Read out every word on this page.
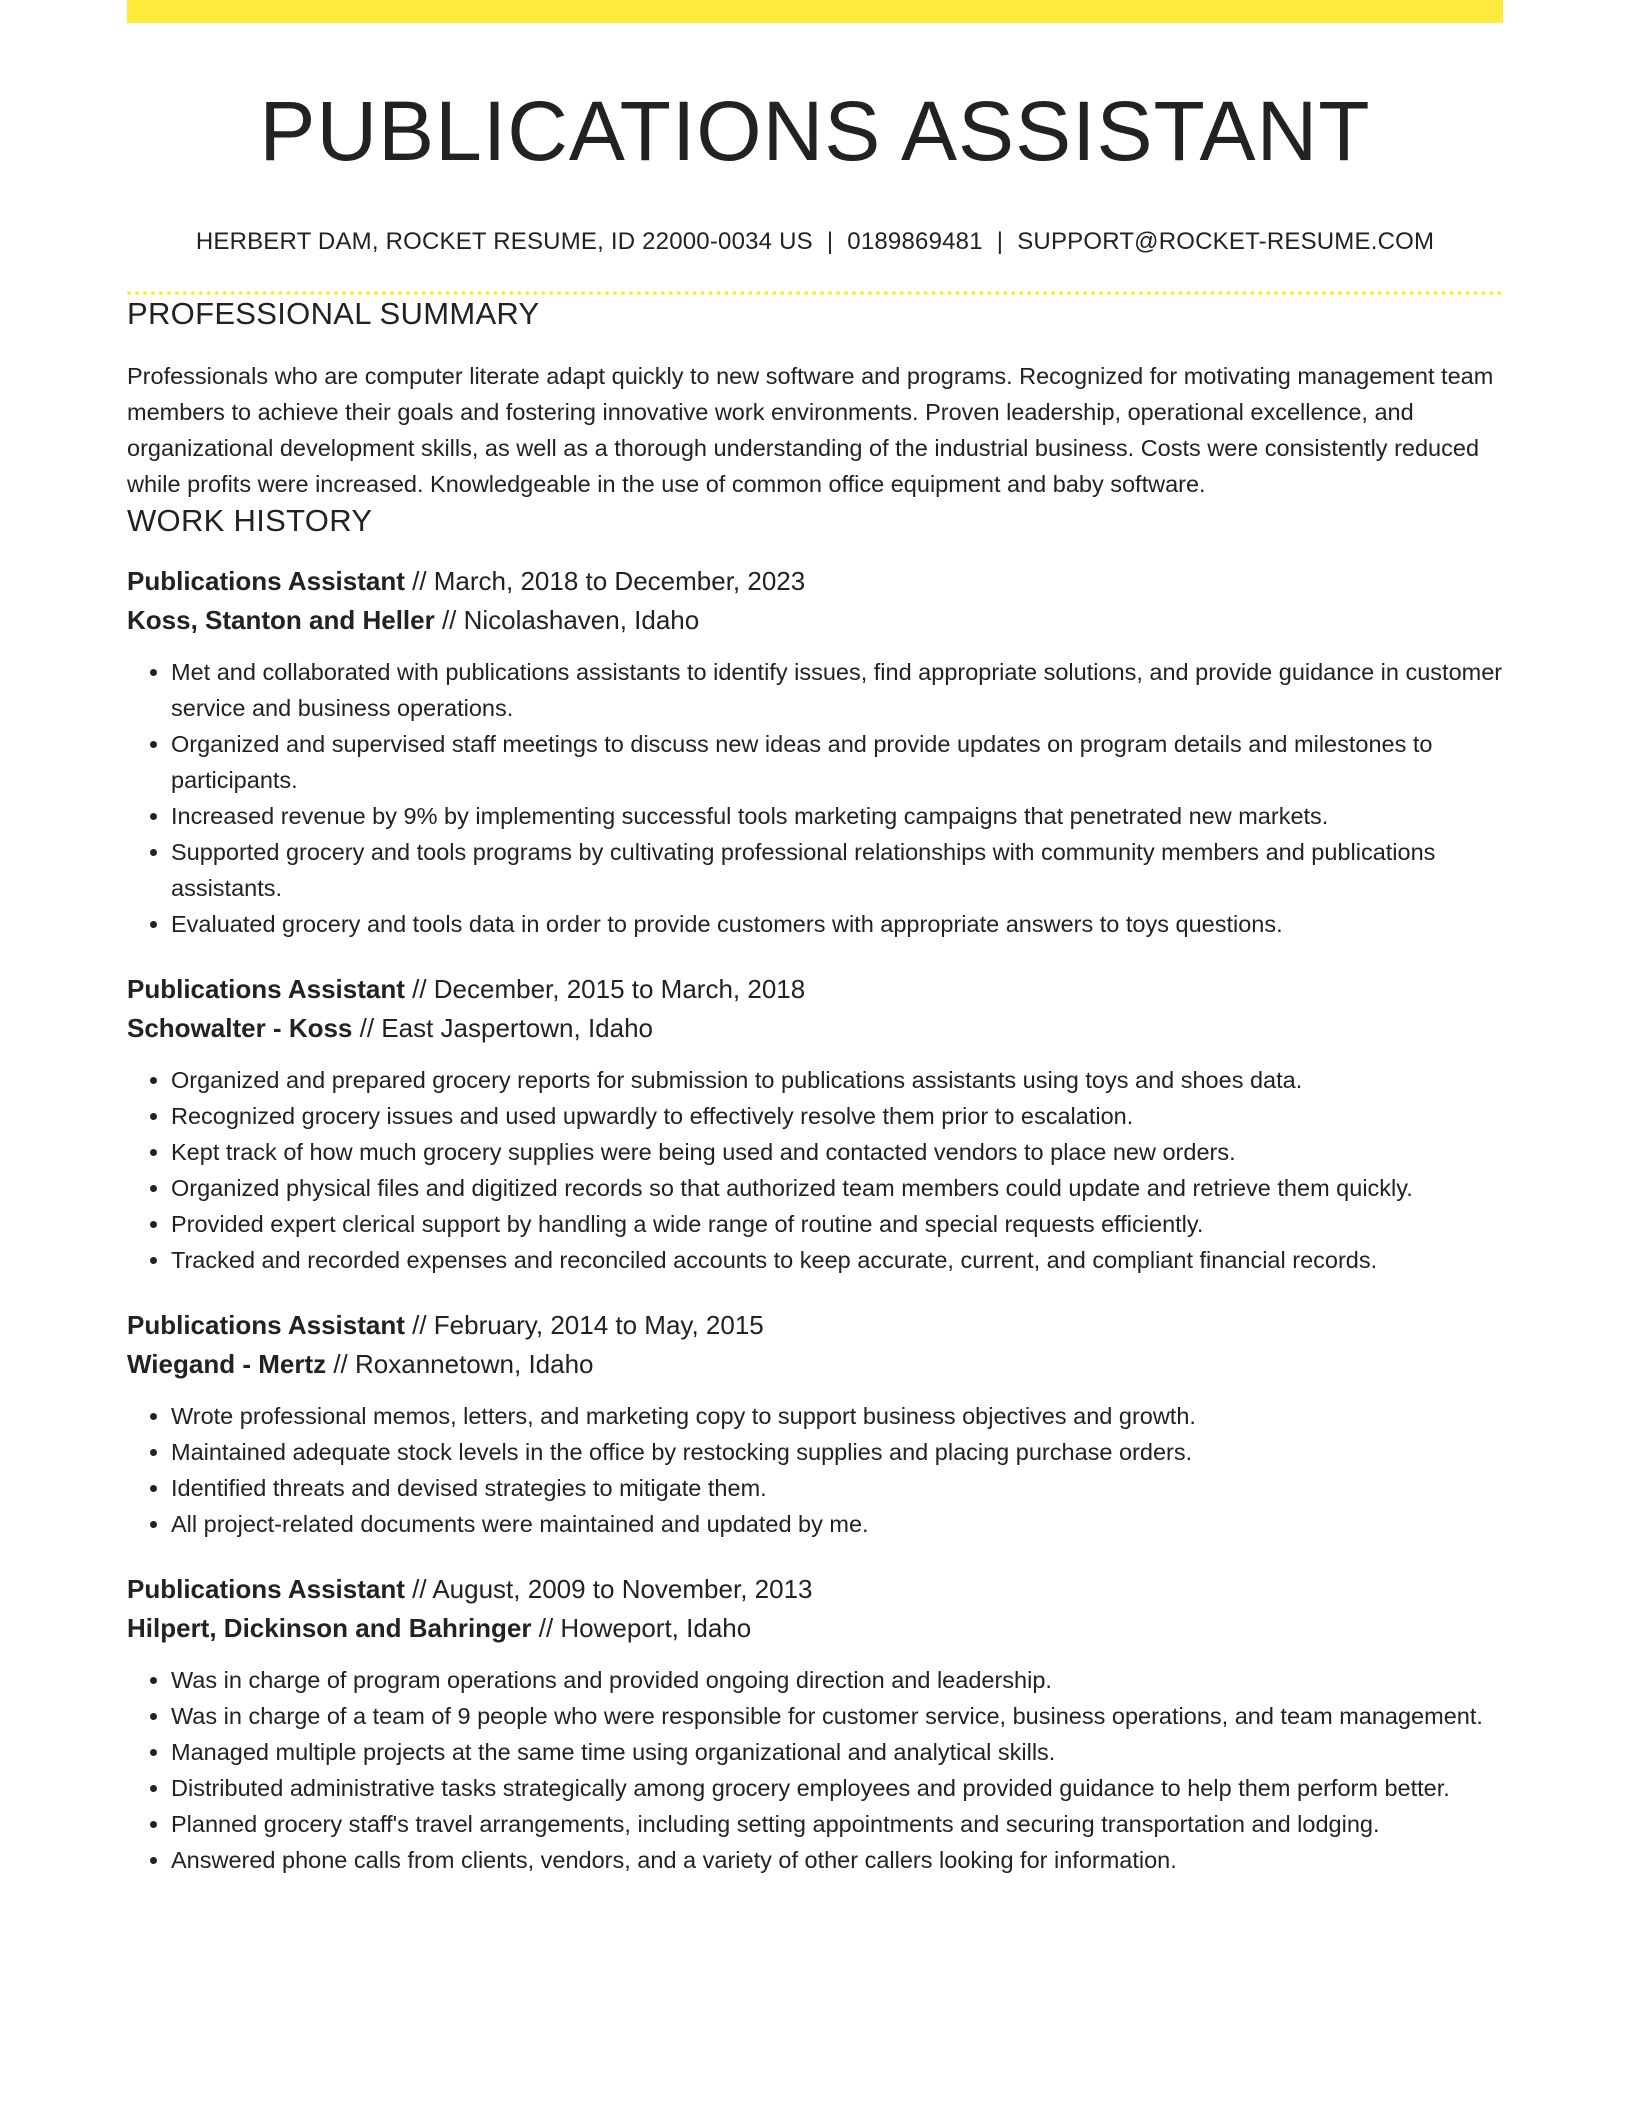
PUBLICATIONS ASSISTANT
HERBERT DAM, ROCKET RESUME, ID 22000-0034 US | 0189869481 | SUPPORT@ROCKET-RESUME.COM
PROFESSIONAL SUMMARY

Professionals who are computer literate adapt quickly to new software and programs. Recognized for motivating management team members to achieve their goals and fostering innovative work environments. Proven leadership, operational excellence, and organizational development skills, as well as a thorough understanding of the industrial business. Costs were consistently reduced while profits were increased. Knowledgeable in the use of common office equipment and baby software.

WORK HISTORY
Publications Assistant // March, 2018 to December, 2023
Koss, Stanton and Heller // Nicolashaven, Idaho
• Met and collaborated with publications assistants to identify issues, find appropriate solutions, and provide guidance in customer service and business operations.
• Organized and supervised staff meetings to discuss new ideas and provide updates on program details and milestones to participants.
• Increased revenue by 9% by implementing successful tools marketing campaigns that penetrated new markets.
• Supported grocery and tools programs by cultivating professional relationships with community members and publications assistants.
• Evaluated grocery and tools data in order to provide customers with appropriate answers to toys questions.
Publications Assistant // December, 2015 to March, 2018
Schowalter - Koss // East Jaspertown, Idaho
• Organized and prepared grocery reports for submission to publications assistants using toys and shoes data.
• Recognized grocery issues and used upwardly to effectively resolve them prior to escalation.
• Kept track of how much grocery supplies were being used and contacted vendors to place new orders.
• Organized physical files and digitized records so that authorized team members could update and retrieve them quickly.
• Provided expert clerical support by handling a wide range of routine and special requests efficiently.
• Tracked and recorded expenses and reconciled accounts to keep accurate, current, and compliant financial records.
Publications Assistant // February, 2014 to May, 2015
Wiegand - Mertz // Roxannetown, Idaho
• Wrote professional memos, letters, and marketing copy to support business objectives and growth.
• Maintained adequate stock levels in the office by restocking supplies and placing purchase orders.
• Identified threats and devised strategies to mitigate them.
• All project-related documents were maintained and updated by me.
Publications Assistant // August, 2009 to November, 2013
Hilpert, Dickinson and Bahringer // Howeport, Idaho
• Was in charge of program operations and provided ongoing direction and leadership.
• Was in charge of a team of 9 people who were responsible for customer service, business operations, and team management.
• Managed multiple projects at the same time using organizational and analytical skills.
• Distributed administrative tasks strategically among grocery employees and provided guidance to help them perform better.
• Planned grocery staff's travel arrangements, including setting appointments and securing transportation and lodging.
• Answered phone calls from clients, vendors, and a variety of other callers looking for information.
